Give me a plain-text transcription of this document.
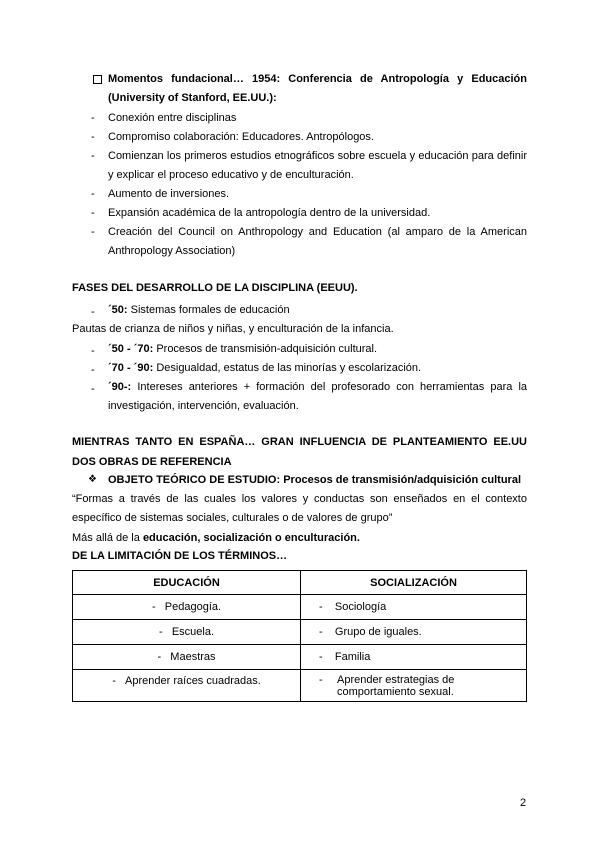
Momentos fundacional… 1954: Conferencia de Antropología y Educación (University of Stanford, EE.UU.):
- Conexión entre disciplinas
- Compromiso colaboración: Educadores. Antropólogos.
- Comienzan los primeros estudios etnográficos sobre escuela y educación para definir y explicar el proceso educativo y de enculturación.
- Aumento de inversiones.
- Expansión académica de la antropología dentro de la universidad.
- Creación del Council on Anthropology and Education (al amparo de la American Anthropology Association)
FASES DEL DESARROLLO DE LA DISCIPLINA (EEUU).
- ´50: Sistemas formales de educación
Pautas de crianza de niños y niñas, y enculturación de la infancia.
- ´50 - ´70: Procesos de transmisión-adquisición cultural.
- ´70 - ´90: Desigualdad, estatus de las minorías y escolarización.
- ´90-: Intereses anteriores + formación del profesorado con herramientas para la investigación, intervención, evaluación.
MIENTRAS TANTO EN ESPAÑA… GRAN INFLUENCIA DE PLANTEAMIENTO EE.UU
DOS OBRAS DE REFERENCIA
❖ OBJETO TEÓRICO DE ESTUDIO: Procesos de transmisión/adquisición cultural
“Formas a través de las cuales los valores y conductas son enseñados en el contexto específico de sistemas sociales, culturales o de valores de grupo”
Más allá de la educación, socialización o enculturación.
DE LA LIMITACIÓN DE LOS TÉRMINOS…
EDUCACIÓN	SOCIALIZACIÓN
- Pedagogía.	- Sociología
- Escuela.	- Grupo de iguales.
- Maestras	- Familia
- Aprender raíces cuadradas.	- Aprender estrategias de comportamiento sexual.
2
